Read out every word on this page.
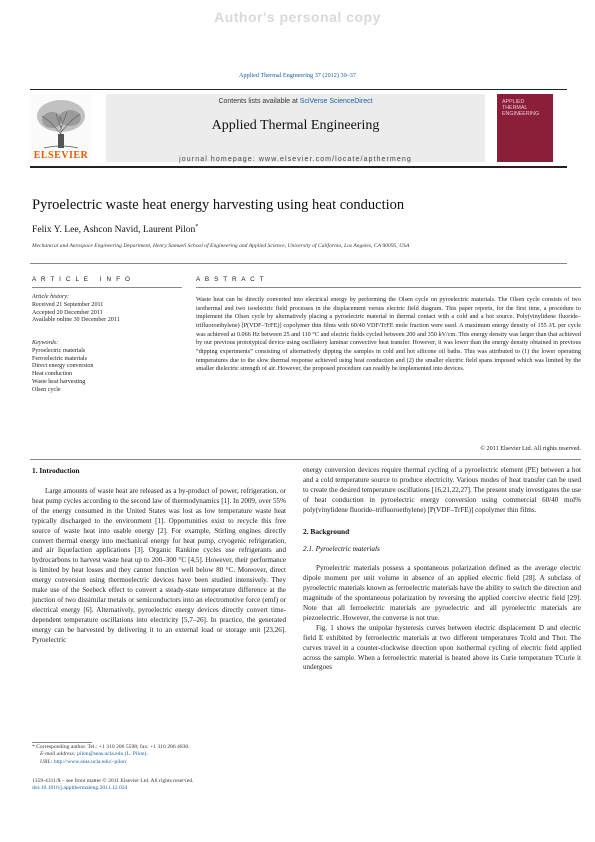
Author's personal copy
Applied Thermal Engineering 37 (2012) 30–37
ELSEVIER
Contents lists available at SciVerse ScienceDirect
Applied Thermal Engineering
journal homepage: www.elsevier.com/locate/apthermeng
APPLIED
THERMAL
ENGINEERING
Pyroelectric waste heat energy harvesting using heat conduction
Felix Y. Lee, Ashcon Navid, Laurent Pilon*
Mechanical and Aerospace Engineering Department, Henry Samueli School of Engineering and Applied Science, University of California, Los Angeles, CA 90095, USA
A R T I C L E   I N F O
Article history:
Received 21 September 2011
Accepted 20 December 2011
Available online 30 December 2011
Keywords:
Pyroelectric materials
Ferroelectric materials
Direct energy conversion
Heat conduction
Waste heat harvesting
Olsen cycle
A B S T R A C T
Waste heat can be directly converted into electrical energy by performing the Olsen cycle on pyroelectric materials. The Olsen cycle consists of two isothermal and two isoelectric field processes in the displacement versus electric field diagram. This paper reports, for the first time, a procedure to implement the Olsen cycle by alternatively placing a pyroelectric material in thermal contact with a cold and a hot source. Poly(vinylidene fluoride–trifluoroethylene) [P(VDF–TrFE)] copolymer thin films with 60/40 VDF/TrFE mole fraction were used. A maximum energy density of 155 J/L per cycle was achieved at 0.066 Hz between 25 and 110 °C and electric fields cycled between 200 and 350 kV/cm. This energy density was larger than that achieved by our previous prototypical device using oscillatory laminar convective heat transfer. However, it was lower than the energy density obtained in previous “dipping experiments” consisting of alternatively dipping the samples in cold and hot silicone oil baths. This was attributed to (1) the lower operating temperatures due to the slow thermal response achieved using heat conduction and (2) the smaller electric field spans imposed which was limited by the smaller dielectric strength of air. However, the proposed procedure can readily be implemented into devices.
© 2011 Elsevier Ltd. All rights reserved.
1. Introduction

Large amounts of waste heat are released as a by-product of power, refrigeration, or heat pump cycles according to the second law of thermodynamics [1]. In 2009, over 55% of the energy consumed in the United States was lost as low temperature waste heat typically discharged to the environment [1]. Opportunities exist to recycle this free source of waste heat into usable energy [2]. For example, Stirling engines directly convert thermal energy into mechanical energy for heat pump, cryogenic refrigeration, and air liquefaction applications [3]. Organic Rankine cycles use refrigerants and hydrocarbons to harvest waste heat up to 200–300 °C [4,5]. However, their performance is limited by heat losses and they cannot function well below 80 °C. Moreover, direct energy conversion using thermoelectric devices have been studied intensively. They make use of the Seebeck effect to convert a steady-state temperature difference at the junction of two dissimilar metals or semiconductors into an electromotive force (emf) or electrical energy [6]. Alternatively, pyroelectric energy devices directly convert time-dependent temperature oscillations into electricity [5,7–26]. In practice, the generated energy can be harvested by delivering it to an external load or storage unit [23,26]. Pyroelectric

energy conversion devices require thermal cycling of a pyroelectric element (PE) between a hot and a cold temperature source to produce electricity. Various modes of heat transfer can be used to create the desired temperature oscillations [16,21,22,27]. The present study investigates the use of heat conduction in pyroelectric energy conversion using commercial 60/40 mol% poly(vinylidene fluoride–trifluoroethylene) [P(VDF–TrFE)] copolymer thin films.

2. Background
2.1. Pyroelectric materials

Pyroelectric materials possess a spontaneous polarization defined as the average electric dipole moment per unit volume in absence of an applied electric field [28]. A subclass of pyroelectric materials known as ferroelectric materials have the ability to switch the direction and magnitude of the spontaneous polarization by reversing the applied coercive electric field [29]. Note that all ferroelectric materials are pyroelectric and all pyroelectric materials are piezoelectric. However, the converse is not true.

Fig. 1 shows the unipolar hysteresis curves between electric displacement D and electric field E exhibited by ferroelectric materials at two different temperatures Tcold and Thot. The curves travel in a counter-clockwise direction upon isothermal cycling of electric field applied across the sample. When a ferroelectric material is heated above its Curie temperature TCurie it undergoes

* Corresponding author. Tel.: +1 310 206 5598; fax: +1 310 206 4830.
E-mail address: pilon@seas.ucla.edu (L. Pilon).
URL: http://www.seas.ucla.edu/~pilon
1359-4311/$ – see front matter © 2011 Elsevier Ltd. All rights reserved.
doi:10.1016/j.applthermaleng.2011.12.034
